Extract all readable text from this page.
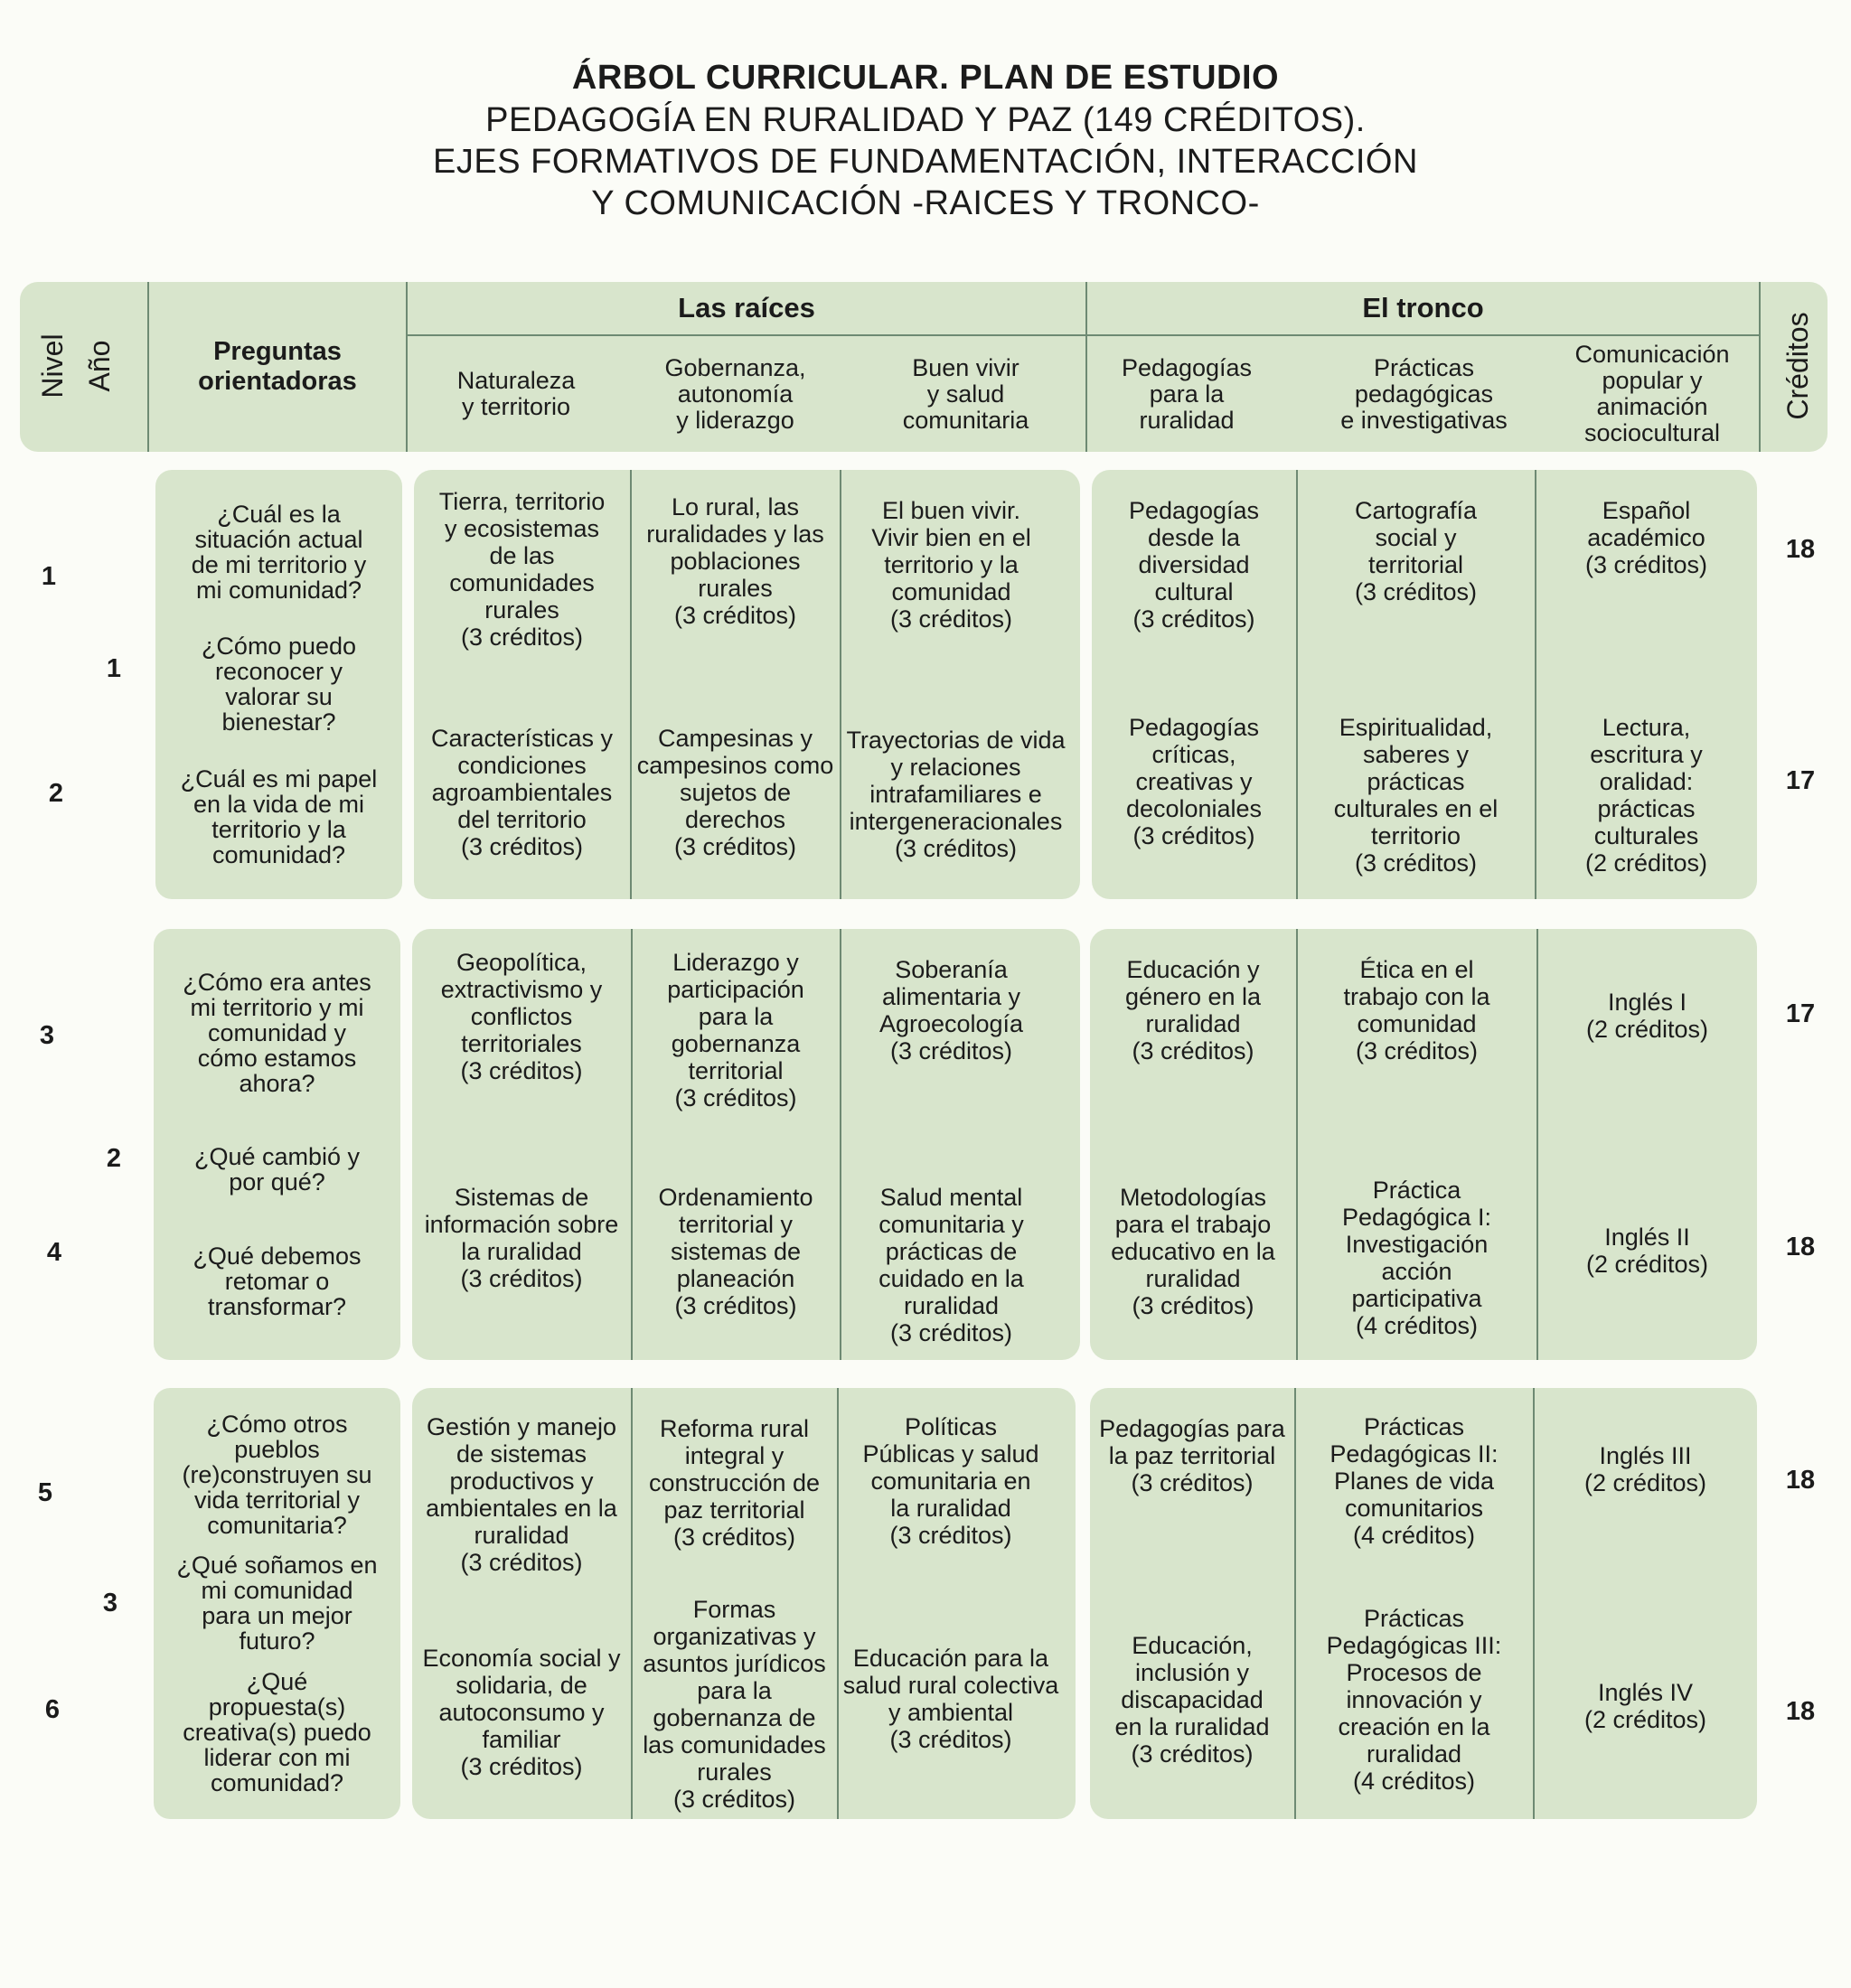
ÁRBOL CURRICULAR. PLAN DE ESTUDIO
PEDAGOGÍA EN RURALIDAD Y PAZ (149 CRÉDITOS).
EJES FORMATIVOS DE FUNDAMENTACIÓN, INTERACCIÓN
Y COMUNICACIÓN -RAICES Y TRONCO-
Nivel Año	Preguntas
orientadoras
Las raíces	El tronco
Créditos
Naturaleza
y territorio
Gobernanza,
autonomía
y liderazgo
Buen vivir
y salud
comunitaria
Pedagogías
para la
ruralidad
Prácticas
pedagógicas
e investigativas
Comunicación
popular y
animación
sociocultural
¿Cuál es la
situación actual
de mi territorio y
mi comunidad?
¿Cómo puedo
reconocer y
valorar su
bienestar?
¿Cuál es mi papel
en la vida de mi
territorio y la
comunidad?
1
1
2
18
17
Tierra, territorio
y ecosistemas
de las
comunidades
rurales
(3 créditos)
Lo rural, las
ruralidades y las
poblaciones
rurales
(3 créditos)
El buen vivir.
Vivir bien en el
territorio y la
comunidad
(3 créditos)
Pedagogías
desde la
diversidad
cultural
(3 créditos)
Cartografía
social y
territorial
(3 créditos)
Español
académico
(3 créditos)
Características y
condiciones
agroambientales
del territorio
(3 créditos)
Campesinas y
campesinos como
sujetos de
derechos
(3 créditos)
Trayectorias de vida
y relaciones
intrafamiliares e
intergeneracionales
(3 créditos)
Pedagogías
críticas,
creativas y
decoloniales
(3 créditos)
Espiritualidad,
saberes y
prácticas
culturales en el
territorio
(3 créditos)
Lectura,
escritura y
oralidad:
prácticas
culturales
(2 créditos)
¿Cómo era antes
mi territorio y mi
comunidad y
cómo estamos
ahora?
¿Qué cambió y
por qué?
¿Qué debemos
retomar o
transformar?
3
2
4
17
18
Geopolítica,
extractivismo y
conflictos
territoriales
(3 créditos)
Liderazgo y
participación
para la
gobernanza
territorial
(3 créditos)
Soberanía
alimentaria y
Agroecología
(3 créditos)
Educación y
género en la
ruralidad
(3 créditos)
Ética en el
trabajo con la
comunidad
(3 créditos)
Inglés I
(2 créditos)
Sistemas de
información sobre
la ruralidad
(3 créditos)
Ordenamiento
territorial y
sistemas de
planeación
(3 créditos)
Salud mental
comunitaria y
prácticas de
cuidado en la
ruralidad
(3 créditos)
Metodologías
para el trabajo
educativo en la
ruralidad
(3 créditos)
Práctica
Pedagógica I:
Investigación
acción
participativa
(4 créditos)
Inglés II
(2 créditos)
¿Cómo otros
pueblos
(re)construyen su
vida territorial y
comunitaria?
¿Qué soñamos en
mi comunidad
para un mejor
futuro?
¿Qué
propuesta(s)
creativa(s) puedo
liderar con mi
comunidad?
5
3
6
18
18
Gestión y manejo
de sistemas
productivos y
ambientales en la
ruralidad
(3 créditos)
Reforma rural
integral y
construcción de
paz territorial
(3 créditos)
Políticas
Públicas y salud
comunitaria en
la ruralidad
(3 créditos)
Pedagogías para
la paz territorial
(3 créditos)
Prácticas
Pedagógicas II:
Planes de vida
comunitarios
(4 créditos)
Inglés III
(2 créditos)
Economía social y
solidaria, de
autoconsumo y
familiar
(3 créditos)
Formas
organizativas y
asuntos jurídicos
para la
gobernanza de
las comunidades
rurales
(3 créditos)
Educación para la
salud rural colectiva
y ambiental
(3 créditos)
Educación,
inclusión y
discapacidad
en la ruralidad
(3 créditos)
Prácticas
Pedagógicas III:
Procesos de
innovación y
creación en la
ruralidad
(4 créditos)
Inglés IV
(2 créditos)
